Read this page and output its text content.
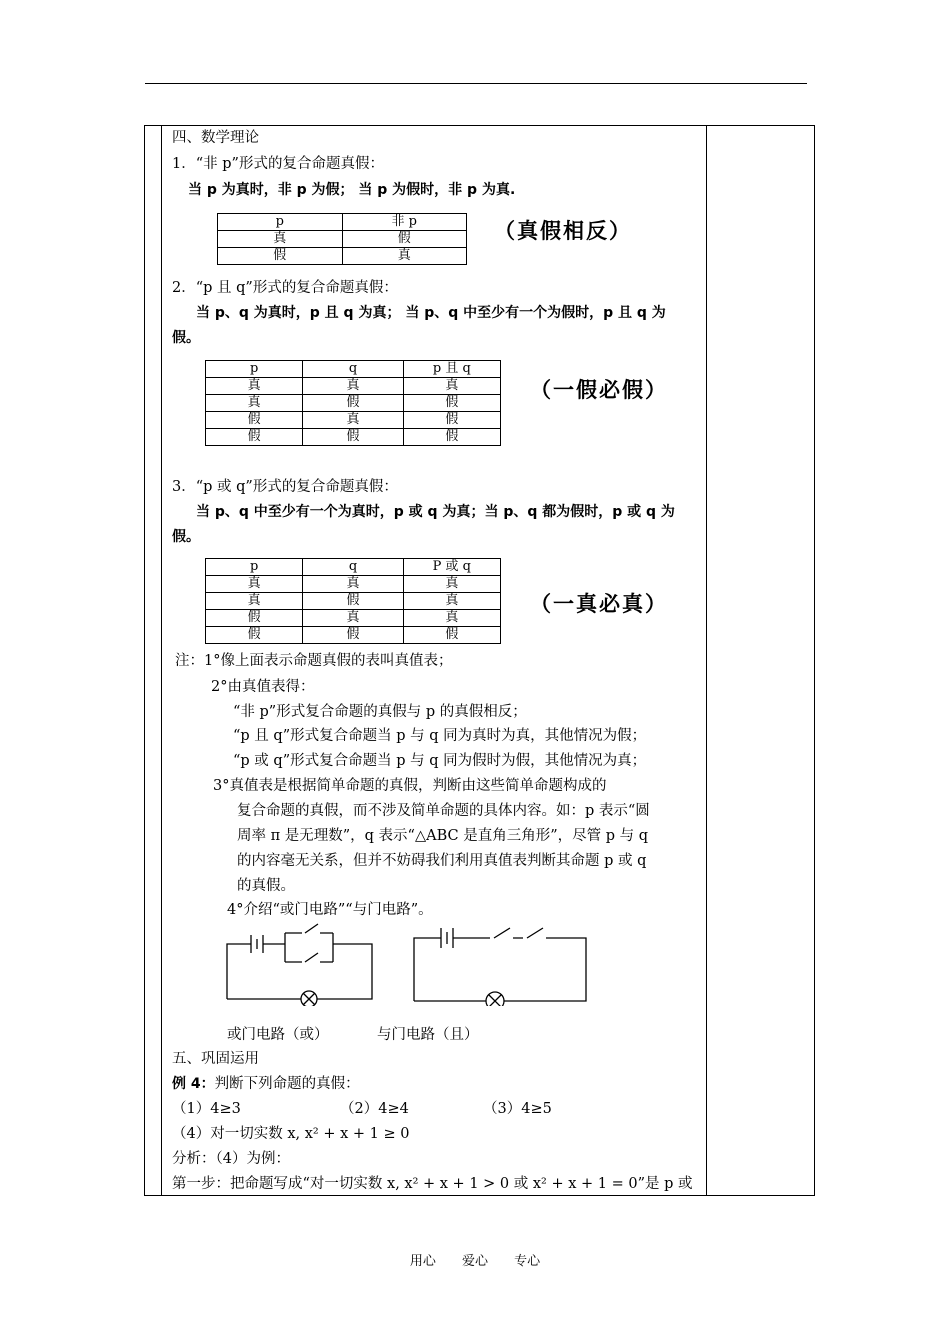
四、数学理论
1．“非 p”形式的复合命题真假：
当 p 为真时，非 p 为假； 当 p 为假时，非 p 为真.
p	非 p
真	假
假	真
（真假相反）
2．“p 且 q”形式的复合命题真假：
当 p、q 为真时，p 且 q 为真； 当 p、q 中至少有一个为假时，p 且 q 为
假。
p	q	p 且 q
真	真	真
真	假	假
假	真	假
假	假	假
（一假必假）
3．“p 或 q”形式的复合命题真假：
当 p、q 中至少有一个为真时，p 或 q 为真；当 p、q 都为假时，p 或 q 为
假。
p	q	P 或 q
真	真	真
真	假	真
假	真	真
假	假	假
（一真必真）
注：1°像上面表示命题真假的表叫真值表；
2°由真值表得：
“非 p”形式复合命题的真假与 p 的真假相反；
“p 且 q”形式复合命题当 p 与 q 同为真时为真，其他情况为假；
“p 或 q”形式复合命题当 p 与 q 同为假时为假，其他情况为真；
3°真值表是根据简单命题的真假，判断由这些简单命题构成的
复合命题的真假，而不涉及简单命题的具体内容。如：p 表示“圆
周率 π 是无理数”，q 表示“△ABC 是直角三角形”，尽管 p 与 q
的内容毫无关系，但并不妨碍我们利用真值表判断其命题 p 或 q
的真假。
4°介绍“或门电路”“与门电路”。
或门电路（或）	与门电路（且）
五、巩固运用
例 4：判断下列命题的真假：
（1）4≥3	（2）4≥4	（3）4≥5
（4）对一切实数 x, x² + x + 1 ≥ 0
分析：（4）为例：
第一步：把命题写成“对一切实数 x, x² + x + 1 > 0 或 x² + x + 1 = 0”是 p 或
用心 爱心 专心
